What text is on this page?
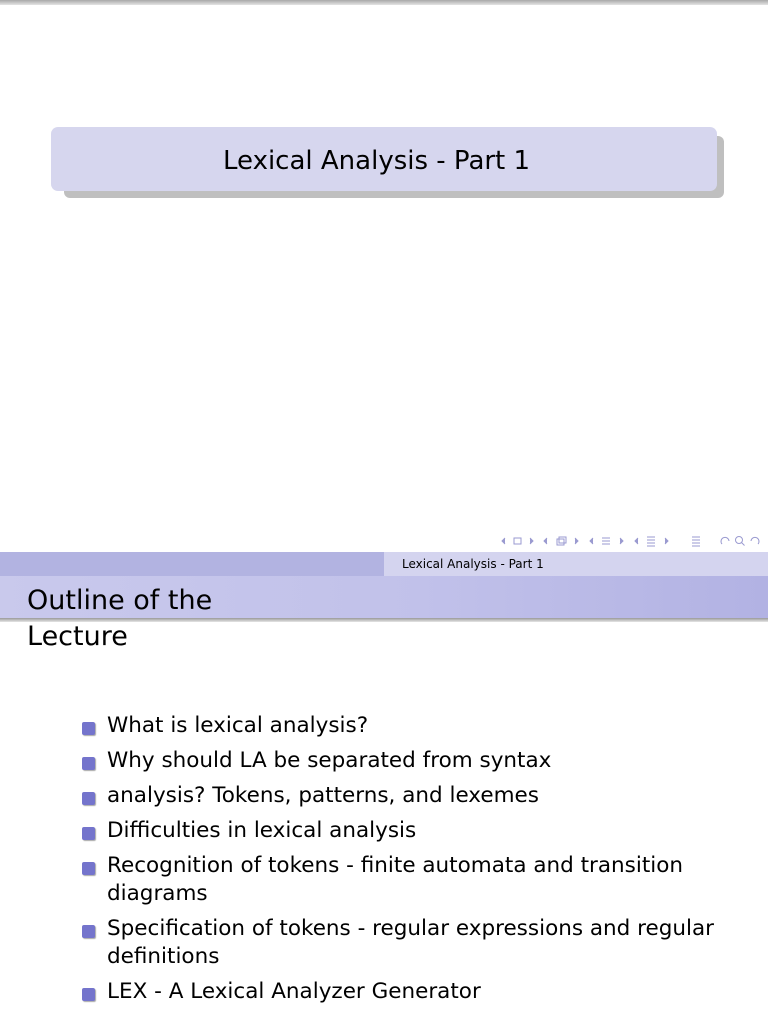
Lexical Analysis - Part 1
Lexical Analysis - Part 1
Outline of the Lecture
What is lexical analysis?
Why should LA be separated from syntax
analysis? Tokens, patterns, and lexemes
Difficulties in lexical analysis
Recognition of tokens - finite automata and transition diagrams
Specification of tokens - regular expressions and regular definitions
LEX - A Lexical Analyzer Generator
